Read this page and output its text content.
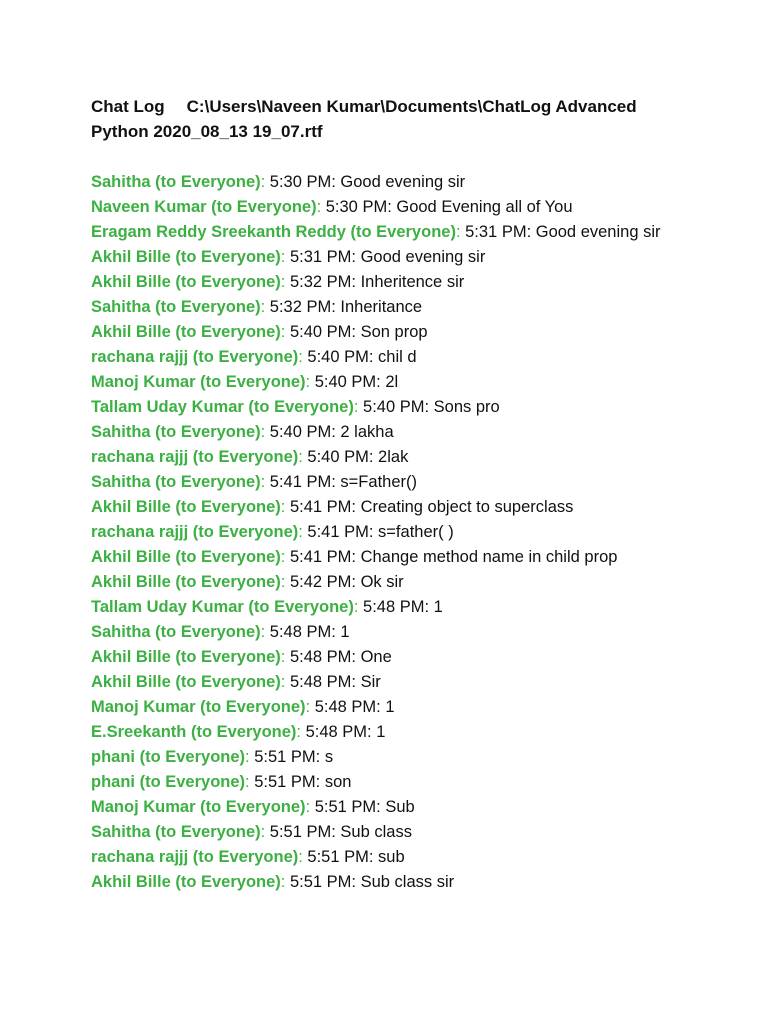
Chat Log C:\Users\Naveen Kumar\Documents\ChatLog Advanced Python 2020_08_13 19_07.rtf
Sahitha (to Everyone): 5:30 PM: Good evening sir
Naveen Kumar (to Everyone): 5:30 PM: Good Evening all of You
Eragam Reddy Sreekanth Reddy (to Everyone): 5:31 PM: Good evening sir
Akhil Bille (to Everyone): 5:31 PM: Good evening sir
Akhil Bille (to Everyone): 5:32 PM: Inheritence sir
Sahitha (to Everyone): 5:32 PM: Inheritance
Akhil Bille (to Everyone): 5:40 PM: Son prop
rachana rajjj (to Everyone): 5:40 PM: chil d
Manoj Kumar (to Everyone): 5:40 PM: 2l
Tallam Uday Kumar (to Everyone): 5:40 PM: Sons pro
Sahitha (to Everyone): 5:40 PM: 2 lakha
rachana rajjj (to Everyone): 5:40 PM: 2lak
Sahitha (to Everyone): 5:41 PM: s=Father()
Akhil Bille (to Everyone): 5:41 PM: Creating object to superclass
rachana rajjj (to Everyone): 5:41 PM: s=father( )
Akhil Bille (to Everyone): 5:41 PM: Change method name in child prop
Akhil Bille (to Everyone): 5:42 PM: Ok sir
Tallam Uday Kumar (to Everyone): 5:48 PM: 1
Sahitha (to Everyone): 5:48 PM: 1
Akhil Bille (to Everyone): 5:48 PM: One
Akhil Bille (to Everyone): 5:48 PM: Sir
Manoj Kumar (to Everyone): 5:48 PM: 1
E.Sreekanth (to Everyone): 5:48 PM: 1
phani (to Everyone): 5:51 PM: s
phani (to Everyone): 5:51 PM: son
Manoj Kumar (to Everyone): 5:51 PM: Sub
Sahitha (to Everyone): 5:51 PM: Sub class
rachana rajjj (to Everyone): 5:51 PM: sub
Akhil Bille (to Everyone): 5:51 PM: Sub class sir
